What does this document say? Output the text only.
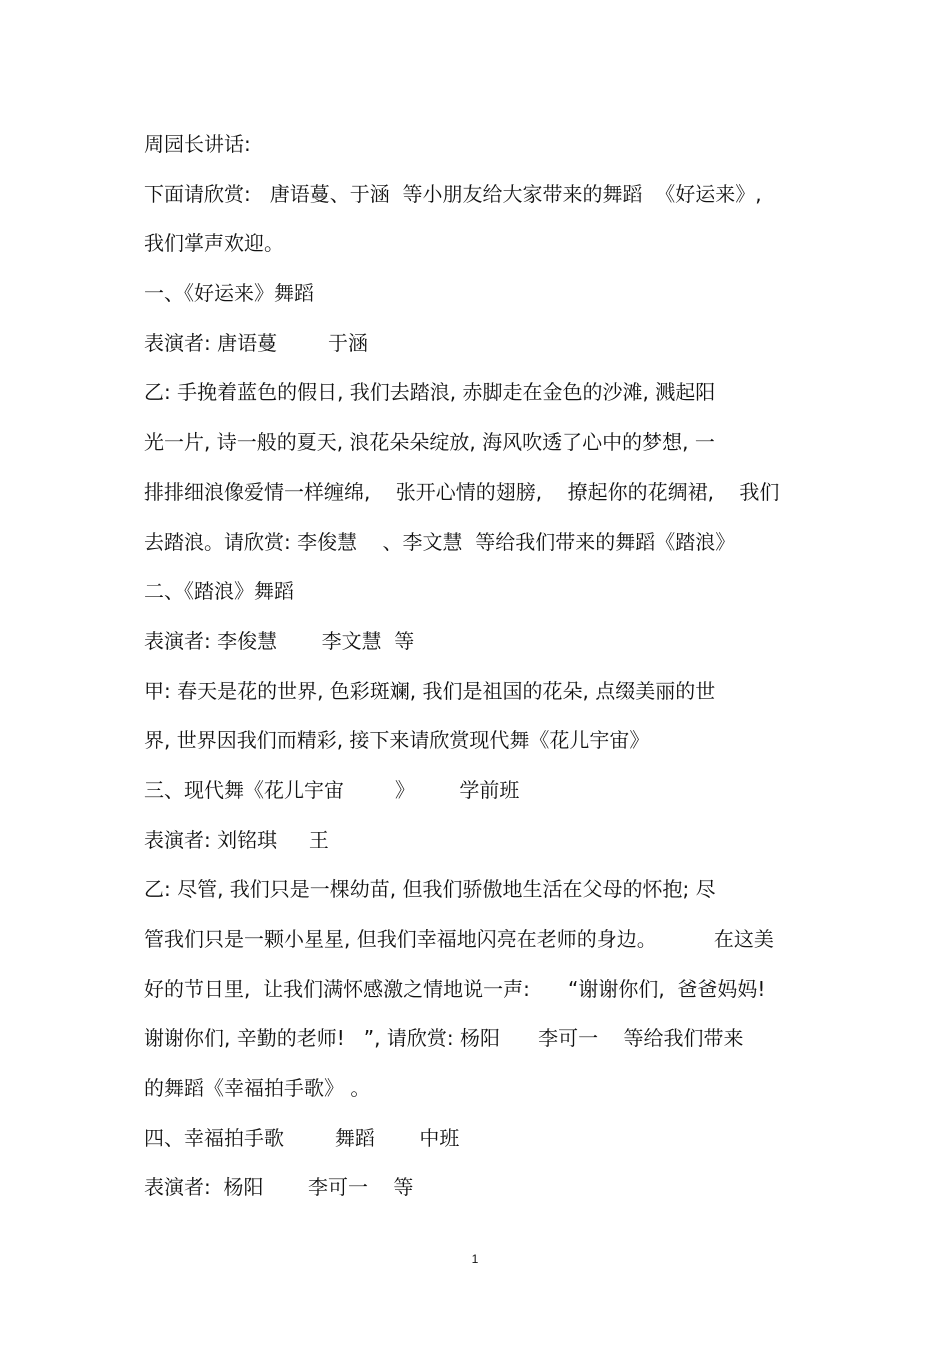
周园长讲话:
下面请欣赏:   唐语蔓、于涵  等小朋友给大家带来的舞蹈  《好运来》,
我们掌声欢迎。
一、《好运来》舞蹈
表演者: 唐语蔓        于涵
乙: 手挽着蓝色的假日, 我们去踏浪, 赤脚走在金色的沙滩, 溅起阳
光一片, 诗一般的夏天, 浪花朵朵绽放, 海风吹透了心中的梦想, 一
排排细浪像爱情一样缠绵,    张开心情的翅膀,    撩起你的花绸裙,    我们
去踏浪。请欣赏: 李俊慧    、李文慧  等给我们带来的舞蹈《踏浪》
二、《踏浪》舞蹈
表演者: 李俊慧       李文慧  等
甲: 春天是花的世界, 色彩斑斓, 我们是祖国的花朵, 点缀美丽的世
界, 世界因我们而精彩, 接下来请欣赏现代舞《花儿宇宙》
三、现代舞《花儿宇宙        》       学前班
表演者: 刘铭琪     王
乙: 尽管, 我们只是一棵幼苗, 但我们骄傲地生活在父母的怀抱; 尽
管我们只是一颗小星星, 但我们幸福地闪亮在老师的身边。         在这美
好的节日里,  让我们满怀感激之情地说一声:      “谢谢你们,  爸爸妈妈!
谢谢你们, 辛勤的老师!   ”, 请欣赏: 杨阳      李可一    等给我们带来
的舞蹈《幸福拍手歌》 。
四、幸福拍手歌        舞蹈       中班
表演者:  杨阳       李可一    等
1
